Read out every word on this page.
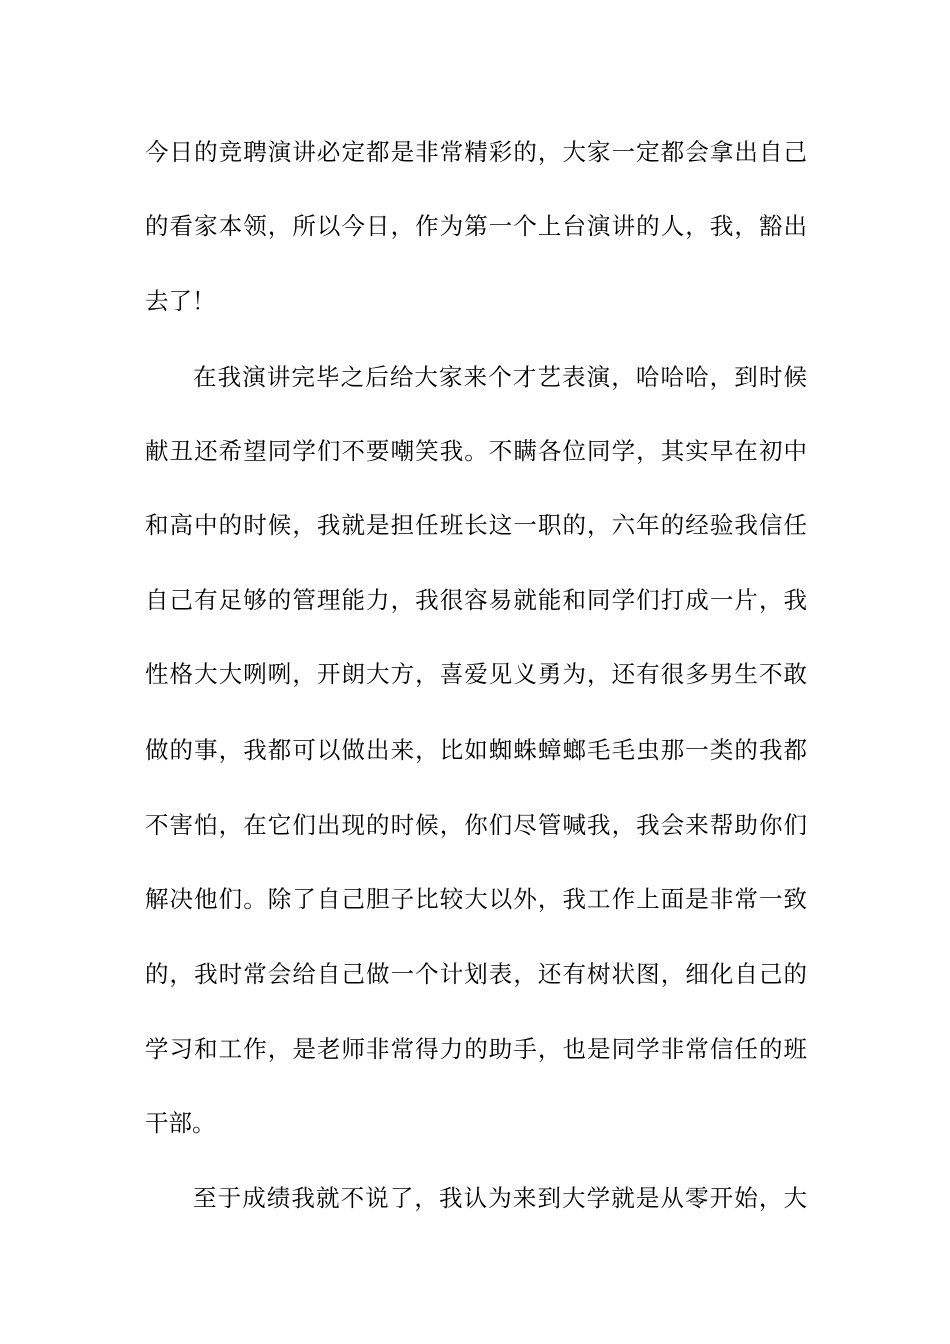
今日的竞聘演讲必定都是非常精彩的，大家一定都会拿出自己
的看家本领，所以今日，作为第一个上台演讲的人，我，豁出
去了！
在我演讲完毕之后给大家来个才艺表演，哈哈哈，到时候
献丑还希望同学们不要嘲笑我。不瞒各位同学，其实早在初中
和高中的时候，我就是担任班长这一职的，六年的经验我信任
自己有足够的管理能力，我很容易就能和同学们打成一片，我
性格大大咧咧，开朗大方，喜爱见义勇为，还有很多男生不敢
做的事，我都可以做出来，比如蜘蛛蟑螂毛毛虫那一类的我都
不害怕，在它们出现的时候，你们尽管喊我，我会来帮助你们
解决他们。除了自己胆子比较大以外，我工作上面是非常一致
的，我时常会给自己做一个计划表，还有树状图，细化自己的
学习和工作，是老师非常得力的助手，也是同学非常信任的班
干部。
至于成绩我就不说了，我认为来到大学就是从零开始，大
